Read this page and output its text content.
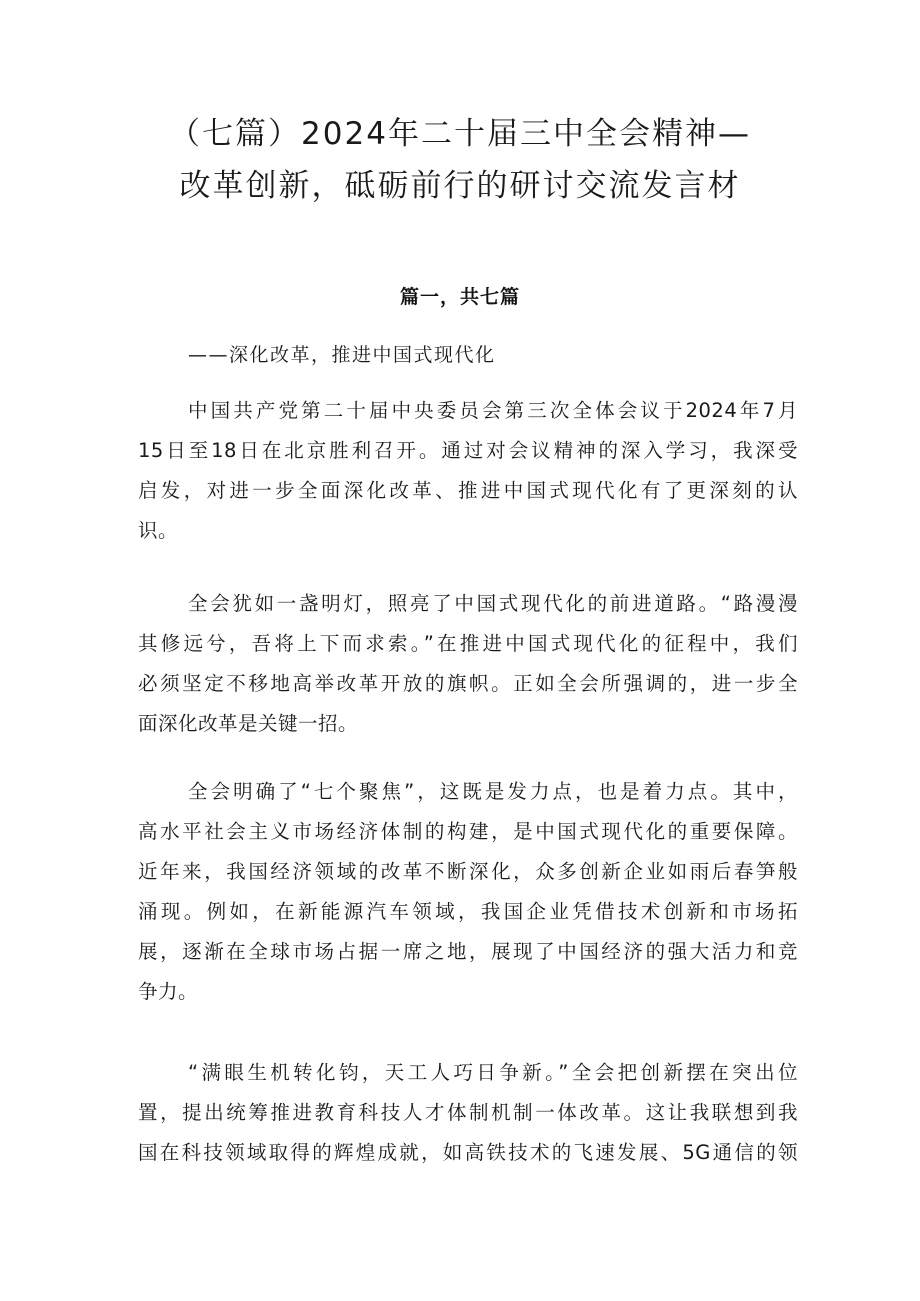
（七篇）2024年二十届三中全会精神—
改革创新，砥砺前行的研讨交流发言材
篇一，共七篇
——深化改革，推进中国式现代化
中国共产党第二十届中央委员会第三次全体会议于2024年7月
15日至18日在北京胜利召开。通过对会议精神的深入学习，我深受
启发，对进一步全面深化改革、推进中国式现代化有了更深刻的认
识。
全会犹如一盏明灯，照亮了中国式现代化的前进道路。“路漫漫
其修远兮，吾将上下而求索。”在推进中国式现代化的征程中，我们
必须坚定不移地高举改革开放的旗帜。正如全会所强调的，进一步全
面深化改革是关键一招。
全会明确了“七个聚焦”，这既是发力点，也是着力点。其中，
高水平社会主义市场经济体制的构建，是中国式现代化的重要保障。
近年来，我国经济领域的改革不断深化，众多创新企业如雨后春笋般
涌现。例如，在新能源汽车领域，我国企业凭借技术创新和市场拓
展，逐渐在全球市场占据一席之地，展现了中国经济的强大活力和竞
争力。
“满眼生机转化钧，天工人巧日争新。”全会把创新摆在突出位
置，提出统筹推进教育科技人才体制机制一体改革。这让我联想到我
国在科技领域取得的辉煌成就，如高铁技术的飞速发展、5G通信的领
